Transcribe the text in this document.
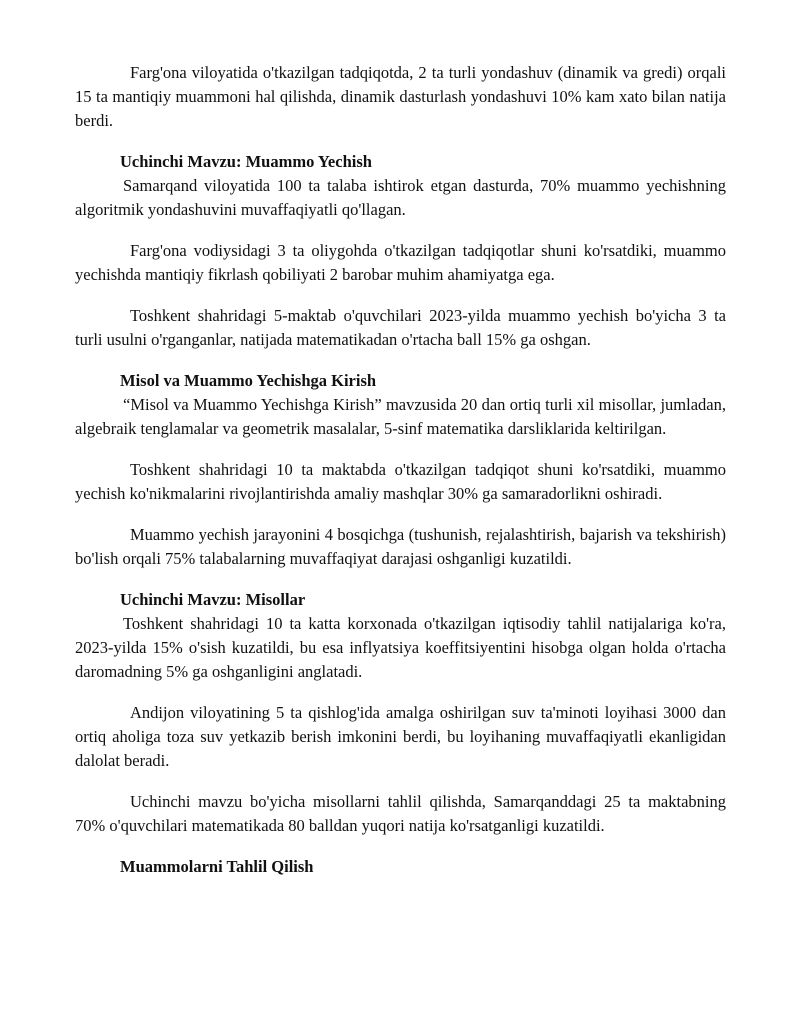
Farg'ona viloyatida o'tkazilgan tadqiqotda, 2 ta turli yondashuv (dinamik va gredi) orqali 15 ta mantiqiy muammoni hal qilishda, dinamik dasturlash yondashuvi 10% kam xato bilan natija berdi.

Uchinchi Mavzu: Muammo Yechish

Samarqand viloyatida 100 ta talaba ishtirok etgan dasturda, 70% muammo yechishning algoritmik yondashuvini muvaffaqiyatli qo'llagan.

Farg'ona vodiysidagi 3 ta oliygohda o'tkazilgan tadqiqotlar shuni ko'rsatdiki, muammo yechishda mantiqiy fikrlash qobiliyati 2 barobar muhim ahamiyatga ega.

Toshkent shahridagi 5-maktab o'quvchilari 2023-yilda muammo yechish bo'yicha 3 ta turli usulni o'rganganlar, natijada matematikadan o'rtacha ball 15% ga oshgan.

Misol va Muammo Yechishga Kirish

“Misol va Muammo Yechishga Kirish” mavzusida 20 dan ortiq turli xil misollar, jumladan, algebraik tenglamalar va geometrik masalalar, 5-sinf matematika darsliklarida keltirilgan.

Toshkent shahridagi 10 ta maktabda o'tkazilgan tadqiqot shuni ko'rsatdiki, muammo yechish ko'nikmalarini rivojlantirishda amaliy mashqlar 30% ga samaradorlikni oshiradi.

Muammo yechish jarayonini 4 bosqichga (tushunish, rejalashtirish, bajarish va tekshirish) bo'lish orqali 75% talabalarning muvaffaqiyat darajasi oshganligi kuzatildi.

Uchinchi Mavzu: Misollar

Toshkent shahridagi 10 ta katta korxonada o'tkazilgan iqtisodiy tahlil natijalariga ko'ra, 2023-yilda 15% o'sish kuzatildi, bu esa inflyatsiya koeffitsiyentini hisobga olgan holda o'rtacha daromadning 5% ga oshganligini anglatadi.

Andijon viloyatining 5 ta qishlog'ida amalga oshirilgan suv ta'minoti loyihasi 3000 dan ortiq aholiga toza suv yetkazib berish imkonini berdi, bu loyihaning muvaffaqiyatli ekanligidan dalolat beradi.

Uchinchi mavzu bo'yicha misollarni tahlil qilishda, Samarqanddagi 25 ta maktabning 70% o'quvchilari matematikada 80 balldan yuqori natija ko'rsatganligi kuzatildi.

Muammolarni Tahlil Qilish
